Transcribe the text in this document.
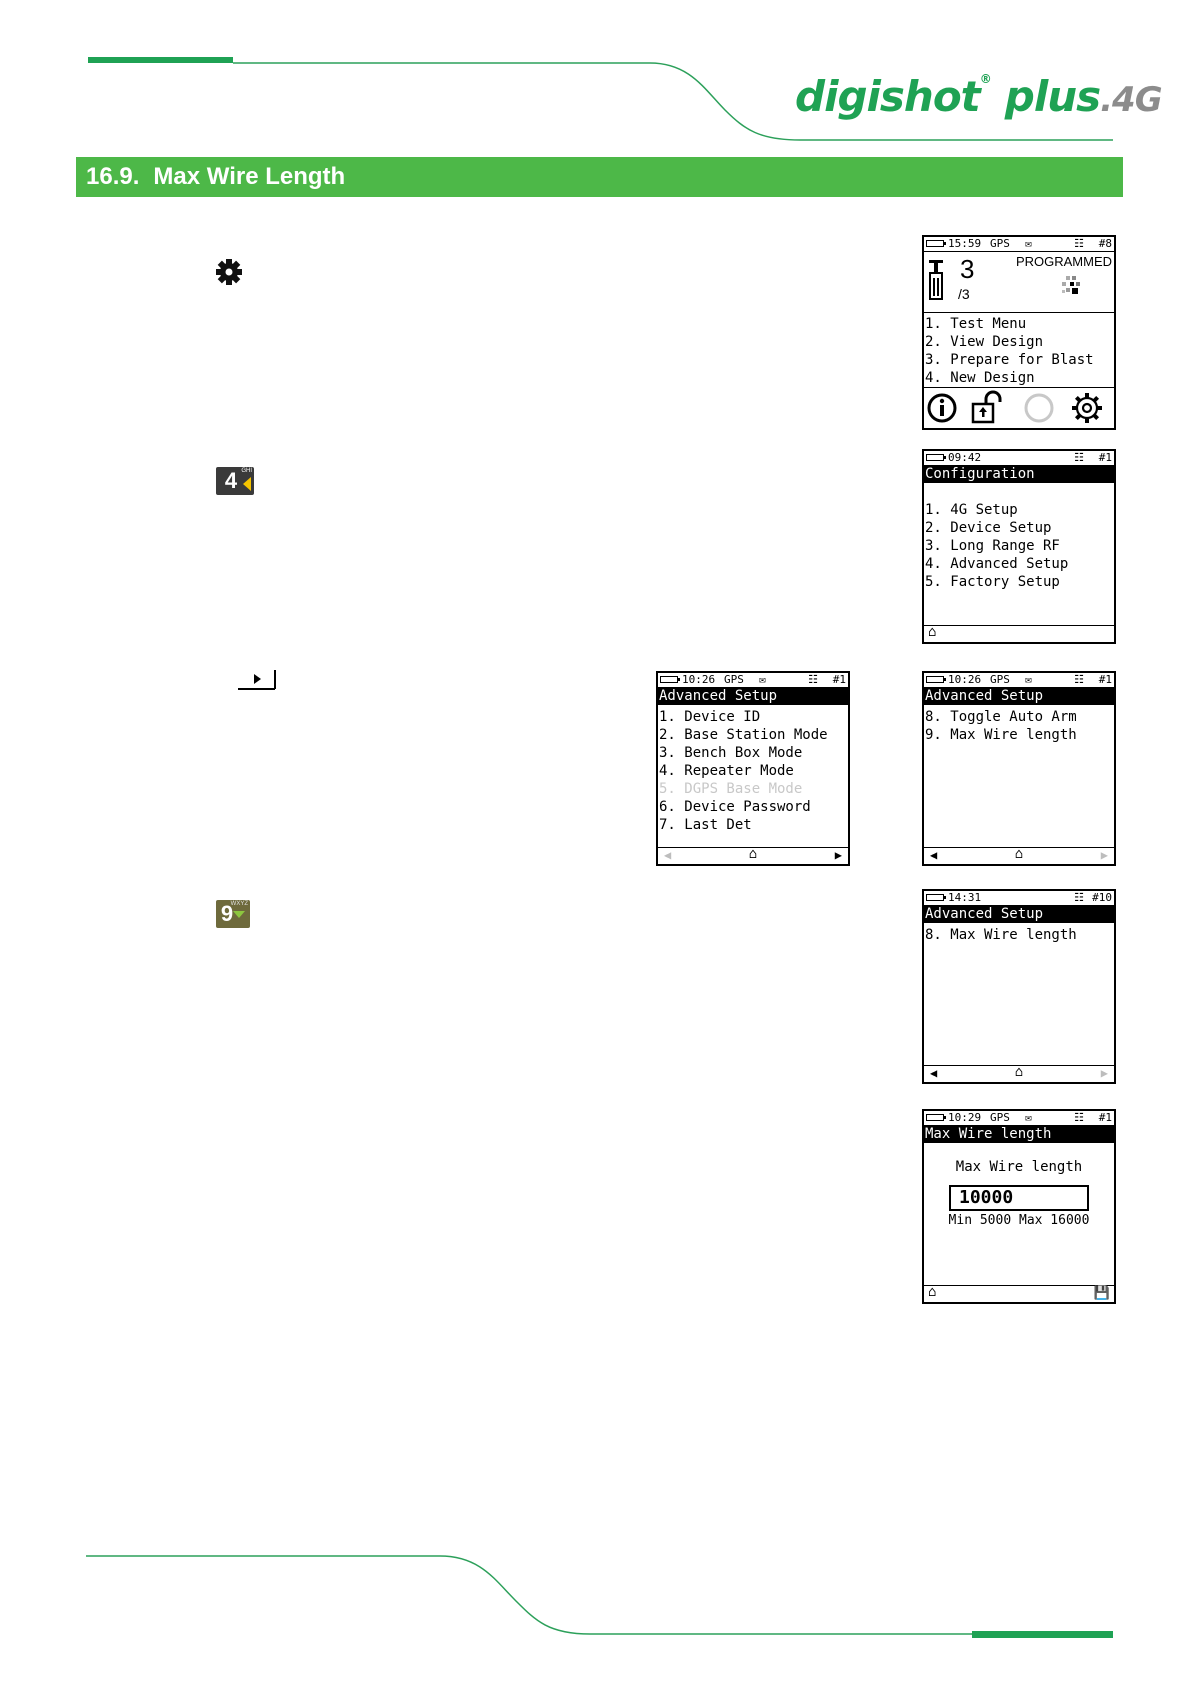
digishot® plus.4G
16.9. Max Wire Length
4 GHI
9
WXYZ
15:59 GPS ✉	☷ #8
3
/3
PROGRAMMED
1. Test Menu
2. View Design
3. Prepare for Blast
4. New Design
09:42	☷ #1
Configuration
1. 4G Setup
2. Device Setup
3. Long Range RF
4. Advanced Setup
5. Factory Setup
⌂
10:26 GPS ✉	☷ #1
Advanced Setup
1. Device ID
2. Base Station Mode
3. Bench Box Mode
4. Repeater Mode
5. DGPS Base Mode
6. Device Password
7. Last Det
◀	⌂	▶
10:26 GPS ✉	☷ #1
Advanced Setup
8. Toggle Auto Arm
9. Max Wire length
◀	⌂	▶
14:31	☷ #10
Advanced Setup
8. Max Wire length
◀	⌂	▶
10:29 GPS ✉	☷ #1
Max Wire length
Max Wire length
10000
Min 5000 Max 16000
⌂	💾
